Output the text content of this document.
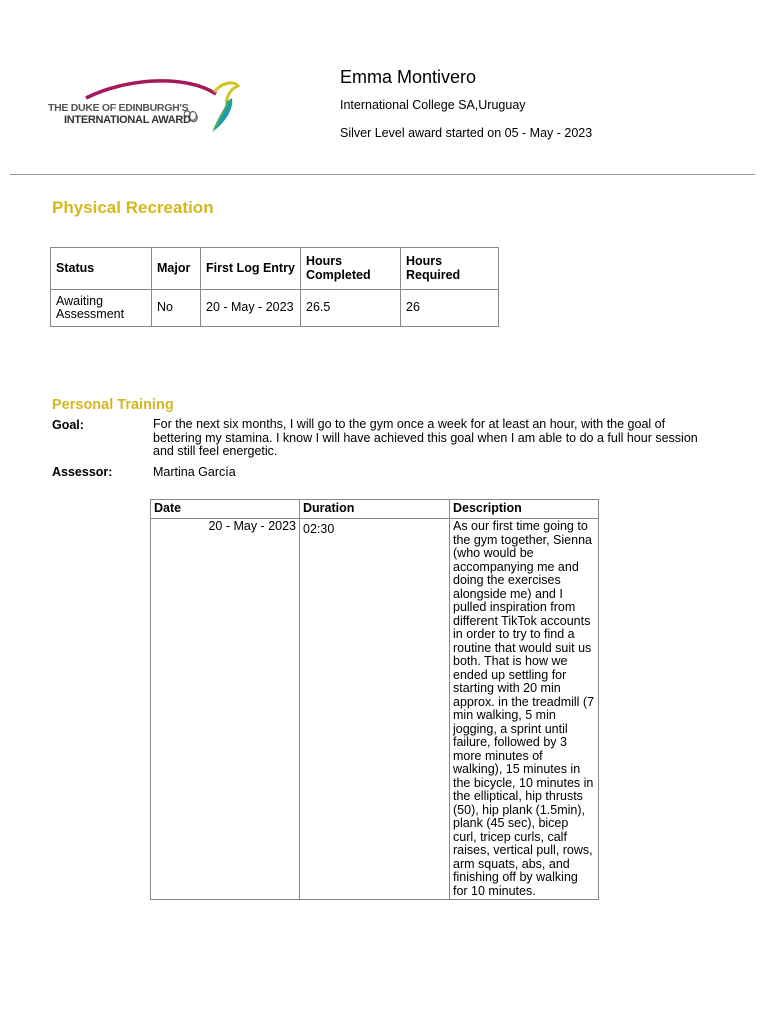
THE DUKE OF EDINBURGH'S
INTERNATIONAL AWARD
Emma Montivero
International College SA,Uruguay
Silver Level award started on 05 - May - 2023
Physical Recreation
Status	Major	First Log Entry	Hours Completed	Hours Required
Awaiting Assessment	No	20 - May - 2023	26.5	26
Personal Training
Goal:	For the next six months, I will go to the gym once a week for at least an hour, with the goal of bettering my stamina. I know I will have achieved this goal when I am able to do a full hour session and still feel energetic.
Assessor:	Martina García
Date	Duration	Description
20 - May - 2023	02:30	As our first time going to the gym together, Sienna (who would be accompanying me and doing the exercises alongside me) and I pulled inspiration from different TikTok accounts in order to try to find a routine that would suit us both. That is how we ended up settling for starting with 20 min approx. in the treadmill (7 min walking, 5 min jogging, a sprint until failure, followed by 3 more minutes of walking), 15 minutes in the bicycle, 10 minutes in the elliptical, hip thrusts (50), hip plank (1.5min), plank (45 sec), bicep curl, tricep curls, calf raises, vertical pull, rows, arm squats, abs, and finishing off by walking for 10 minutes.
